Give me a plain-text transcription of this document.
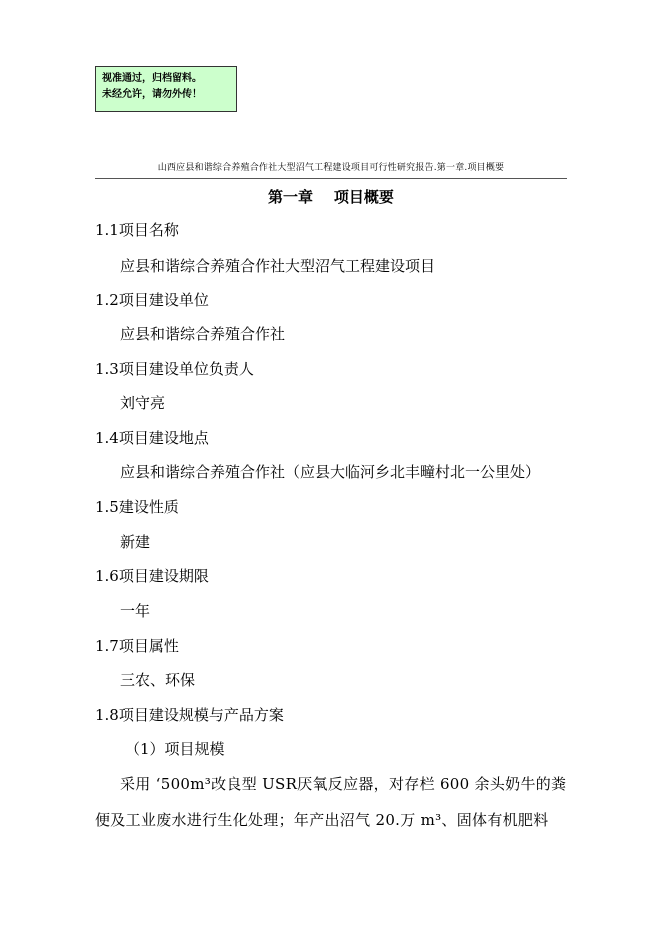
视准通过，归档留料。
未经允许，请勿外传！
山西应县和谐综合养殖合作社大型沼气工程建设项目可行性研究报告.第一章.项目概要
第一章    项目概要
1.1项目名称
应县和谐综合养殖合作社大型沼气工程建设项目
1.2项目建设单位
应县和谐综合养殖合作社
1.3项目建设单位负责人
刘守亮
1.4项目建设地点
应县和谐综合养殖合作社（应县大临河乡北丰疃村北一公里处）
1.5建设性质
新建
1.6项目建设期限
一年
1.7项目属性
三农、环保
1.8项目建设规模与产品方案
（1）项目规模
采用 ‘500m³改良型 USR厌氧反应器，对存栏 600 余头奶牛的粪
便及工业废水进行生化处理；年产出沼气 20.万 m³、固体有机肥料
